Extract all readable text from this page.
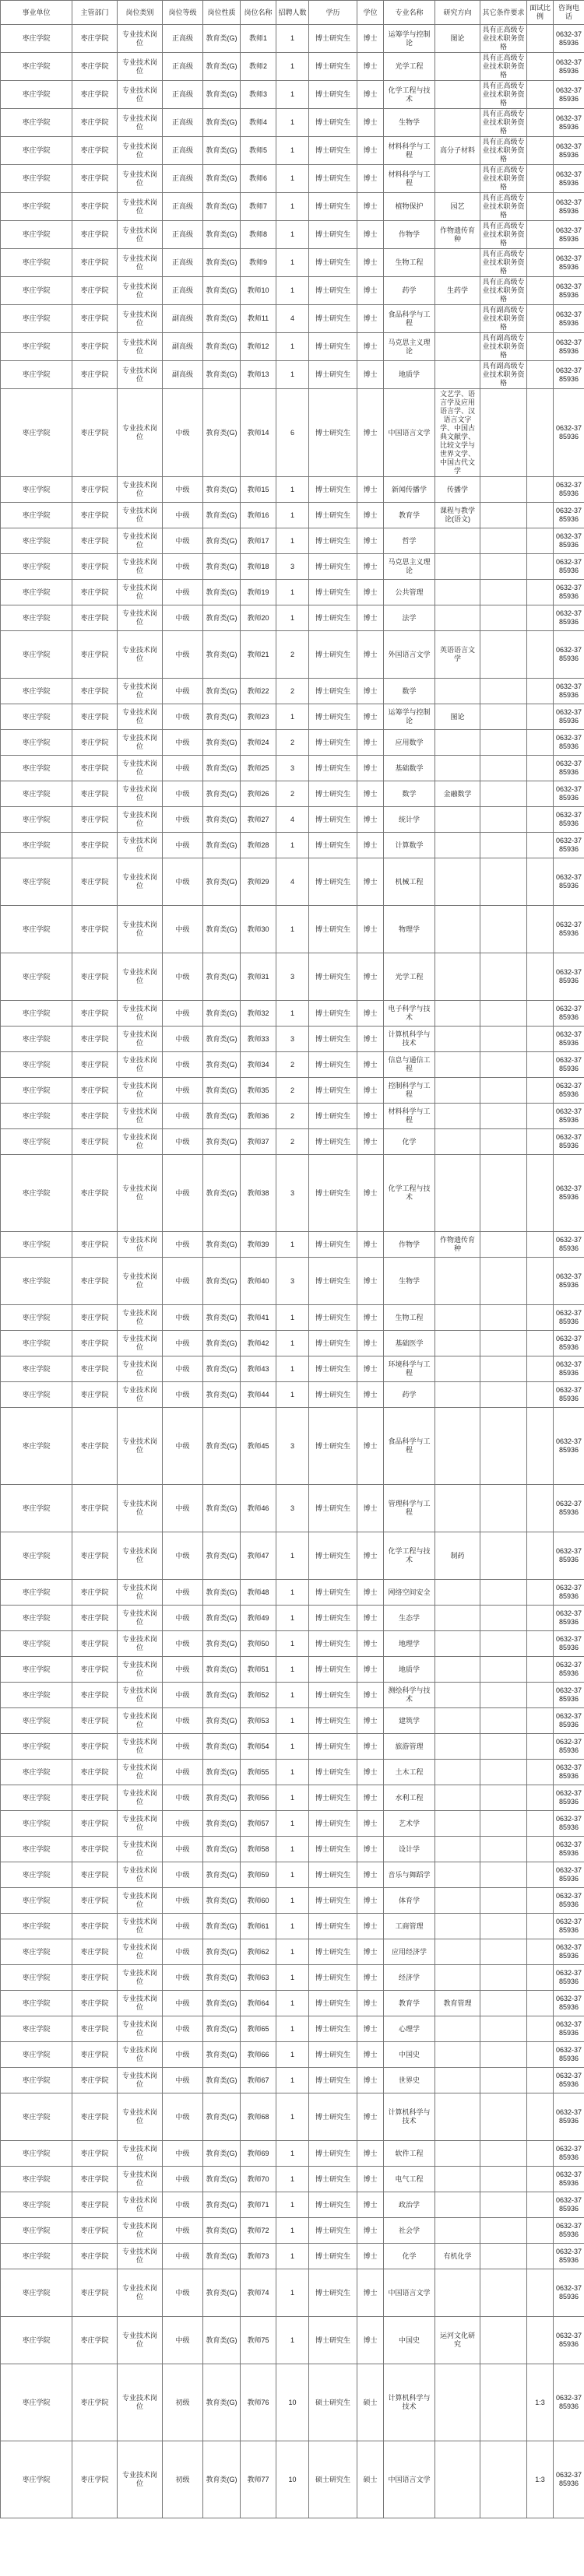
事业单位	主管部门	岗位类别	岗位等级	岗位性质	岗位名称	招聘人数	学历	学位	专业名称	研究方向	其它条件要求	面试比例	咨询电话
枣庄学院	枣庄学院	专业技术岗位	正高级	教育类(G)	教师1	1	博士研究生	博士	运筹学与控制论	图论	具有正高级专业技术职务资格		0632-3785936
枣庄学院	枣庄学院	专业技术岗位	正高级	教育类(G)	教师2	1	博士研究生	博士	光学工程		具有正高级专业技术职务资格		0632-3785936
枣庄学院	枣庄学院	专业技术岗位	正高级	教育类(G)	教师3	1	博士研究生	博士	化学工程与技术		具有正高级专业技术职务资格		0632-3785936
枣庄学院	枣庄学院	专业技术岗位	正高级	教育类(G)	教师4	1	博士研究生	博士	生物学		具有正高级专业技术职务资格		0632-3785936
枣庄学院	枣庄学院	专业技术岗位	正高级	教育类(G)	教师5	1	博士研究生	博士	材料科学与工程	高分子材料	具有正高级专业技术职务资格		0632-3785936
枣庄学院	枣庄学院	专业技术岗位	正高级	教育类(G)	教师6	1	博士研究生	博士	材料科学与工程		具有正高级专业技术职务资格		0632-3785936
枣庄学院	枣庄学院	专业技术岗位	正高级	教育类(G)	教师7	1	博士研究生	博士	植物保护	园艺	具有正高级专业技术职务资格		0632-3785936
枣庄学院	枣庄学院	专业技术岗位	正高级	教育类(G)	教师8	1	博士研究生	博士	作物学	作物遗传育种	具有正高级专业技术职务资格		0632-3785936
枣庄学院	枣庄学院	专业技术岗位	正高级	教育类(G)	教师9	1	博士研究生	博士	生物工程		具有正高级专业技术职务资格		0632-3785936
枣庄学院	枣庄学院	专业技术岗位	正高级	教育类(G)	教师10	1	博士研究生	博士	药学	生药学	具有正高级专业技术职务资格		0632-3785936
枣庄学院	枣庄学院	专业技术岗位	副高级	教育类(G)	教师11	4	博士研究生	博士	食品科学与工程		具有副高级专业技术职务资格		0632-3785936
枣庄学院	枣庄学院	专业技术岗位	副高级	教育类(G)	教师12	1	博士研究生	博士	马克思主义理论		具有副高级专业技术职务资格		0632-3785936
枣庄学院	枣庄学院	专业技术岗位	副高级	教育类(G)	教师13	1	博士研究生	博士	地质学		具有副高级专业技术职务资格		0632-3785936
枣庄学院	枣庄学院	专业技术岗位	中级	教育类(G)	教师14	6	博士研究生	博士	中国语言文学	文艺学、语言学及应用语言学、汉语言文字学、中国古典文献学、比较文学与世界文学、中国古代文学			0632-3785936
枣庄学院	枣庄学院	专业技术岗位	中级	教育类(G)	教师15	1	博士研究生	博士	新闻传播学	传播学			0632-3785936
枣庄学院	枣庄学院	专业技术岗位	中级	教育类(G)	教师16	1	博士研究生	博士	教育学	课程与教学论(语文)			0632-3785936
枣庄学院	枣庄学院	专业技术岗位	中级	教育类(G)	教师17	1	博士研究生	博士	哲学				0632-3785936
枣庄学院	枣庄学院	专业技术岗位	中级	教育类(G)	教师18	3	博士研究生	博士	马克思主义理论				0632-3785936
枣庄学院	枣庄学院	专业技术岗位	中级	教育类(G)	教师19	1	博士研究生	博士	公共管理				0632-3785936
枣庄学院	枣庄学院	专业技术岗位	中级	教育类(G)	教师20	1	博士研究生	博士	法学				0632-3785936
枣庄学院	枣庄学院	专业技术岗位	中级	教育类(G)	教师21	2	博士研究生	博士	外国语言文学	英语语言文学			0632-3785936
枣庄学院	枣庄学院	专业技术岗位	中级	教育类(G)	教师22	2	博士研究生	博士	数学				0632-3785936
枣庄学院	枣庄学院	专业技术岗位	中级	教育类(G)	教师23	1	博士研究生	博士	运筹学与控制论	图论			0632-3785936
枣庄学院	枣庄学院	专业技术岗位	中级	教育类(G)	教师24	2	博士研究生	博士	应用数学				0632-3785936
枣庄学院	枣庄学院	专业技术岗位	中级	教育类(G)	教师25	3	博士研究生	博士	基础数学				0632-3785936
枣庄学院	枣庄学院	专业技术岗位	中级	教育类(G)	教师26	2	博士研究生	博士	数学	金融数学			0632-3785936
枣庄学院	枣庄学院	专业技术岗位	中级	教育类(G)	教师27	4	博士研究生	博士	统计学				0632-3785936
枣庄学院	枣庄学院	专业技术岗位	中级	教育类(G)	教师28	1	博士研究生	博士	计算数学				0632-3785936
枣庄学院	枣庄学院	专业技术岗位	中级	教育类(G)	教师29	4	博士研究生	博士	机械工程				0632-3785936
枣庄学院	枣庄学院	专业技术岗位	中级	教育类(G)	教师30	1	博士研究生	博士	物理学				0632-3785936
枣庄学院	枣庄学院	专业技术岗位	中级	教育类(G)	教师31	3	博士研究生	博士	光学工程				0632-3785936
枣庄学院	枣庄学院	专业技术岗位	中级	教育类(G)	教师32	1	博士研究生	博士	电子科学与技术				0632-3785936
枣庄学院	枣庄学院	专业技术岗位	中级	教育类(G)	教师33	3	博士研究生	博士	计算机科学与技术				0632-3785936
枣庄学院	枣庄学院	专业技术岗位	中级	教育类(G)	教师34	2	博士研究生	博士	信息与通信工程				0632-3785936
枣庄学院	枣庄学院	专业技术岗位	中级	教育类(G)	教师35	2	博士研究生	博士	控制科学与工程				0632-3785936
枣庄学院	枣庄学院	专业技术岗位	中级	教育类(G)	教师36	2	博士研究生	博士	材料科学与工程				0632-3785936
枣庄学院	枣庄学院	专业技术岗位	中级	教育类(G)	教师37	2	博士研究生	博士	化学				0632-3785936
枣庄学院	枣庄学院	专业技术岗位	中级	教育类(G)	教师38	3	博士研究生	博士	化学工程与技术				0632-3785936
枣庄学院	枣庄学院	专业技术岗位	中级	教育类(G)	教师39	1	博士研究生	博士	作物学	作物遗传育种			0632-3785936
枣庄学院	枣庄学院	专业技术岗位	中级	教育类(G)	教师40	3	博士研究生	博士	生物学				0632-3785936
枣庄学院	枣庄学院	专业技术岗位	中级	教育类(G)	教师41	1	博士研究生	博士	生物工程				0632-3785936
枣庄学院	枣庄学院	专业技术岗位	中级	教育类(G)	教师42	1	博士研究生	博士	基础医学				0632-3785936
枣庄学院	枣庄学院	专业技术岗位	中级	教育类(G)	教师43	1	博士研究生	博士	环境科学与工程				0632-3785936
枣庄学院	枣庄学院	专业技术岗位	中级	教育类(G)	教师44	1	博士研究生	博士	药学				0632-3785936
枣庄学院	枣庄学院	专业技术岗位	中级	教育类(G)	教师45	3	博士研究生	博士	食品科学与工程				0632-3785936
枣庄学院	枣庄学院	专业技术岗位	中级	教育类(G)	教师46	3	博士研究生	博士	管理科学与工程				0632-3785936
枣庄学院	枣庄学院	专业技术岗位	中级	教育类(G)	教师47	1	博士研究生	博士	化学工程与技术	制药			0632-3785936
枣庄学院	枣庄学院	专业技术岗位	中级	教育类(G)	教师48	1	博士研究生	博士	网络空间安全				0632-3785936
枣庄学院	枣庄学院	专业技术岗位	中级	教育类(G)	教师49	1	博士研究生	博士	生态学				0632-3785936
枣庄学院	枣庄学院	专业技术岗位	中级	教育类(G)	教师50	1	博士研究生	博士	地理学				0632-3785936
枣庄学院	枣庄学院	专业技术岗位	中级	教育类(G)	教师51	1	博士研究生	博士	地质学				0632-3785936
枣庄学院	枣庄学院	专业技术岗位	中级	教育类(G)	教师52	1	博士研究生	博士	测绘科学与技术				0632-3785936
枣庄学院	枣庄学院	专业技术岗位	中级	教育类(G)	教师53	1	博士研究生	博士	建筑学				0632-3785936
枣庄学院	枣庄学院	专业技术岗位	中级	教育类(G)	教师54	1	博士研究生	博士	旅游管理				0632-3785936
枣庄学院	枣庄学院	专业技术岗位	中级	教育类(G)	教师55	1	博士研究生	博士	土木工程				0632-3785936
枣庄学院	枣庄学院	专业技术岗位	中级	教育类(G)	教师56	1	博士研究生	博士	水利工程				0632-3785936
枣庄学院	枣庄学院	专业技术岗位	中级	教育类(G)	教师57	1	博士研究生	博士	艺术学				0632-3785936
枣庄学院	枣庄学院	专业技术岗位	中级	教育类(G)	教师58	1	博士研究生	博士	设计学				0632-3785936
枣庄学院	枣庄学院	专业技术岗位	中级	教育类(G)	教师59	1	博士研究生	博士	音乐与舞蹈学				0632-3785936
枣庄学院	枣庄学院	专业技术岗位	中级	教育类(G)	教师60	1	博士研究生	博士	体育学				0632-3785936
枣庄学院	枣庄学院	专业技术岗位	中级	教育类(G)	教师61	1	博士研究生	博士	工商管理				0632-3785936
枣庄学院	枣庄学院	专业技术岗位	中级	教育类(G)	教师62	1	博士研究生	博士	应用经济学				0632-3785936
枣庄学院	枣庄学院	专业技术岗位	中级	教育类(G)	教师63	1	博士研究生	博士	经济学				0632-3785936
枣庄学院	枣庄学院	专业技术岗位	中级	教育类(G)	教师64	1	博士研究生	博士	教育学	教育管理			0632-3785936
枣庄学院	枣庄学院	专业技术岗位	中级	教育类(G)	教师65	1	博士研究生	博士	心理学				0632-3785936
枣庄学院	枣庄学院	专业技术岗位	中级	教育类(G)	教师66	1	博士研究生	博士	中国史				0632-3785936
枣庄学院	枣庄学院	专业技术岗位	中级	教育类(G)	教师67	1	博士研究生	博士	世界史				0632-3785936
枣庄学院	枣庄学院	专业技术岗位	中级	教育类(G)	教师68	1	博士研究生	博士	计算机科学与技术				0632-3785936
枣庄学院	枣庄学院	专业技术岗位	中级	教育类(G)	教师69	1	博士研究生	博士	软件工程				0632-3785936
枣庄学院	枣庄学院	专业技术岗位	中级	教育类(G)	教师70	1	博士研究生	博士	电气工程				0632-3785936
枣庄学院	枣庄学院	专业技术岗位	中级	教育类(G)	教师71	1	博士研究生	博士	政治学				0632-3785936
枣庄学院	枣庄学院	专业技术岗位	中级	教育类(G)	教师72	1	博士研究生	博士	社会学				0632-3785936
枣庄学院	枣庄学院	专业技术岗位	中级	教育类(G)	教师73	1	博士研究生	博士	化学	有机化学			0632-3785936
枣庄学院	枣庄学院	专业技术岗位	中级	教育类(G)	教师74	1	博士研究生	博士	中国语言文学				0632-3785936
枣庄学院	枣庄学院	专业技术岗位	中级	教育类(G)	教师75	1	博士研究生	博士	中国史	运河文化研究			0632-3785936
枣庄学院	枣庄学院	专业技术岗位	初级	教育类(G)	教师76	10	硕士研究生	硕士	计算机科学与技术			1:3	0632-3785936
枣庄学院	枣庄学院	专业技术岗位	初级	教育类(G)	教师77	10	硕士研究生	硕士	中国语言文学			1:3	0632-3785936
